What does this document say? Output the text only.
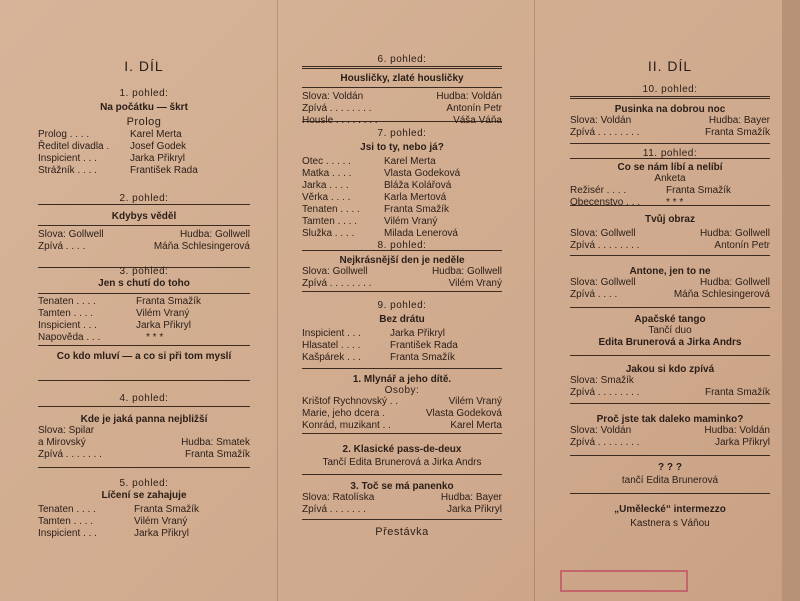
I. DÍL
1. pohled:
Na počátku — škrt
Prolog
Prolog . . . .	Karel Merta
Ředitel divadla . Josef Godek
Inspicient . . .	Jarka Přikryl
Strážník . . . .	František Rada
2. pohled:
Kdybys věděl
Slova: Gollwell	Hudba: Gollwell
Zpívá . . . .	Máňa Schlesingerová
3. pohled:
Jen s chutí do toho
Tenaten . . . .	Franta Smažík
Tamten . . . .	Vilém Vraný
Inspicient . . .	Jarka Přikryl
Napověda . . .	* * *
Co kdo mluví — a co si při tom myslí
4. pohled:
Kde je jaká panna nejbližší
Slova: Spilar
a Mirovský	Hudba: Smatek
Zpívá . . . . . . .	Franta Smažík
5. pohled:
Líčení se zahajuje
Tenaten . . . .	Franta Smažík
Tamten . . . .	Vilém Vraný
Inspicient . . .	Jarka Přikryl
6. pohled:
Housličky, zlaté housličky
Slova: Voldán	Hudba: Voldán
Zpívá . . . . . . . .	Antonín Petr
Housle . . . . . . . .	Váša Váňa
7. pohled:
Jsi to ty, nebo já?
Otec . . . . .	Karel Merta
Matka . . . .	Vlasta Godeková
Jarka . . . .	Bláža Kolářová
Věrka . . . .	Karla Mertová
Tenaten . . . . Franta Smažík
Tamten . . . .	Vilém Vraný
Služka . . . .	Milada Lenerová
8. pohled:
Nejkrásnější den je neděle
Slova: Gollwell	Hudba: Gollwell
Zpívá . . . . . . . .	Vilém Vraný
9. pohled:
Bez drátu
Inspicient . . .	Jarka Přikryl
Hlasatel . . . .	František Rada
Kašpárek . . .	Franta Smažík
1. Mlynář a jeho dítě.
Osoby:
Krištof Rychnovský . .	Vilém Vraný
Marie, jeho dcera .	Vlasta Godeková
Konrád, muzikant . .	Karel Merta
2. Klasické pass-de-deux
Tančí Edita Brunerová a Jirka Andrs
3. Toč se má panenko
Slova: Ratolíska	Hudba: Bayer
Zpívá . . . . . . .	Jarka Přikryl
Přestávka
II. DÍL
10. pohled:
Pusinka na dobrou noc
Slova: Voldán	Hudba: Bayer
Zpívá . . . . . . . .	Franta Smažík
11. pohled:
Co se nám líbí a nelíbí
Anketa
Režisér . . . .	Franta Smažík
Obecenstvo . . .	* * *
Tvůj obraz
Slova: Gollwell	Hudba: Gollwell
Zpívá . . . . . . . .	Antonín Petr
Antone, jen to ne
Slova: Gollwell	Hudba: Gollwell
Zpívá . . . .	Máňa Schlesingerová
Apačské tango
Tančí duo
Edita Brunerová a Jirka Andrs
Jakou si kdo zpívá
Slova: Smažík
Zpívá . . . . . . . .	Franta Smažík
Proč jste tak daleko maminko?
Slova: Voldán	Hudba: Voldán
Zpívá . . . . . . . .	Jarka Přikryl
? ? ?
tančí Edita Brunerová
„Umělecké“ intermezzo
Kastnera s Váňou
